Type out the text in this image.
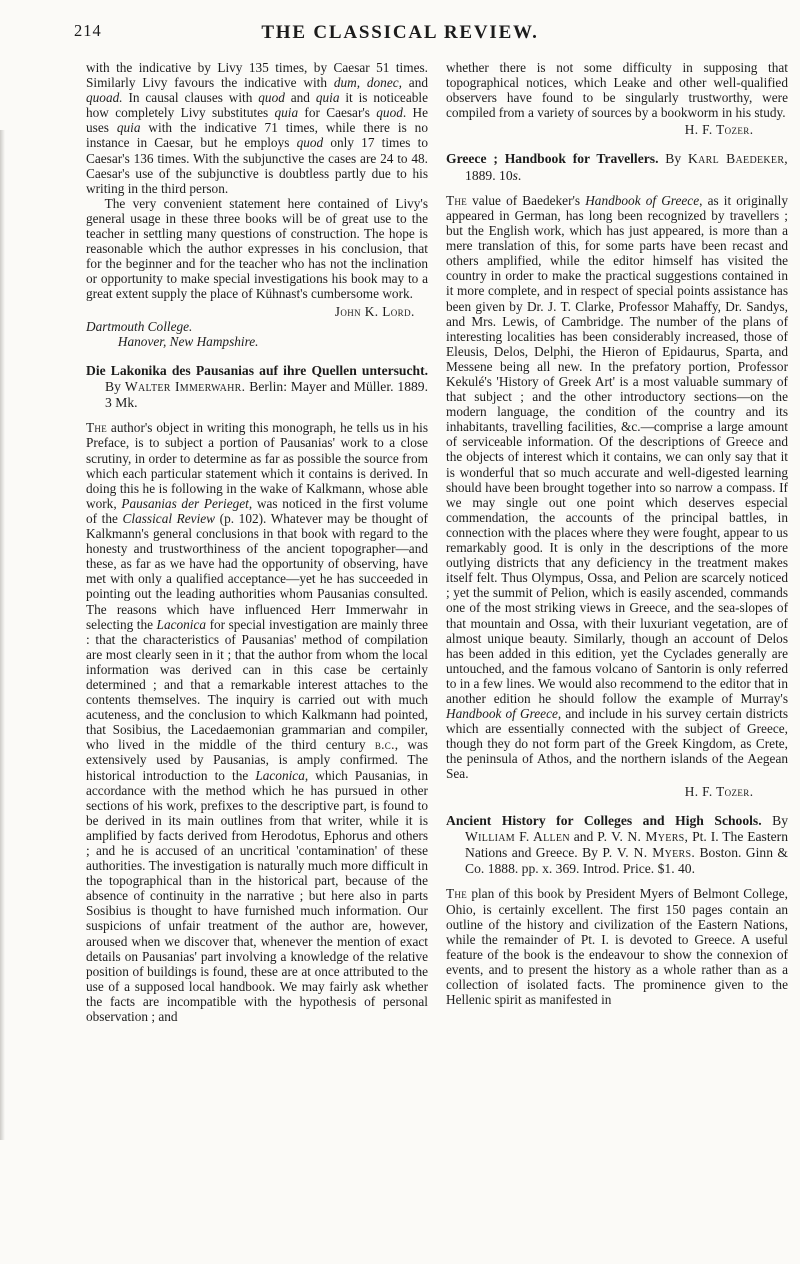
214	THE CLASSICAL REVIEW.

with the indicative by Livy 135 times, by Caesar 51 times. Similarly Livy favours the indicative with dum, donec, and quoad. In causal clauses with quod and quia it is noticeable how completely Livy substitutes quia for Caesar's quod. He uses quia with the indicative 71 times, while there is no instance in Caesar, but he employs quod only 17 times to Caesar's 136 times. With the subjunctive the cases are 24 to 48. Caesar's use of the subjunctive is doubtless partly due to his writing in the third person.

The very convenient statement here contained of Livy's general usage in these three books will be of great use to the teacher in settling many questions of construction. The hope is reasonable which the author expresses in his conclusion, that for the beginner and for the teacher who has not the inclination or opportunity to make special investigations his book may to a great extent supply the place of Kühnast's cumbersome work.

John K. Lord.
Dartmouth College.
Hanover, New Hampshire.
Die Lakonika des Pausanias auf ihre Quellen untersucht. By Walter Immerwahr. Berlin: Mayer and Müller. 1889. 3 Mk.

The author's object in writing this monograph, he tells us in his Preface, is to subject a portion of Pausanias' work to a close scrutiny, in order to determine as far as possible the source from which each particular statement which it contains is derived. In doing this he is following in the wake of Kalkmann, whose able work, Pausanias der Perieget, was noticed in the first volume of the Classical Review (p. 102). Whatever may be thought of Kalkmann's general conclusions in that book with regard to the honesty and trustworthiness of the ancient topographer—and these, as far as we have had the opportunity of observing, have met with only a qualified acceptance—yet he has succeeded in pointing out the leading authorities whom Pausanias consulted. The reasons which have influenced Herr Immerwahr in selecting the Laconica for special investigation are mainly three : that the characteristics of Pausanias' method of compilation are most clearly seen in it ; that the author from whom the local information was derived can in this case be certainly determined ; and that a remarkable interest attaches to the contents themselves. The inquiry is carried out with much acuteness, and the conclusion to which Kalkmann had pointed, that Sosibius, the Lacedaemonian grammarian and compiler, who lived in the middle of the third century b.c., was extensively used by Pausanias, is amply confirmed. The historical introduction to the Laconica, which Pausanias, in accordance with the method which he has pursued in other sections of his work, prefixes to the descriptive part, is found to be derived in its main outlines from that writer, while it is amplified by facts derived from Herodotus, Ephorus and others ; and he is accused of an uncritical 'contamination' of these authorities. The investigation is naturally much more difficult in the topographical than in the historical part, because of the absence of continuity in the narrative ; but here also in parts Sosibius is thought to have furnished much information. Our suspicions of unfair treatment of the author are, however, aroused when we discover that, whenever the mention of exact details on Pausanias' part involving a knowledge of the relative position of buildings is found, these are at once attributed to the use of a supposed local handbook. We may fairly ask whether the facts are incompatible with the hypothesis of personal observation ; and

whether there is not some difficulty in supposing that topographical notices, which Leake and other well-qualified observers have found to be singularly trustworthy, were compiled from a variety of sources by a bookworm in his study.

H. F. Tozer.
Greece ; Handbook for Travellers. By Karl Baedeker, 1889. 10s.

The value of Baedeker's Handbook of Greece, as it originally appeared in German, has long been recognized by travellers ; but the English work, which has just appeared, is more than a mere translation of this, for some parts have been recast and others amplified, while the editor himself has visited the country in order to make the practical suggestions contained in it more complete, and in respect of special points assistance has been given by Dr. J. T. Clarke, Professor Mahaffy, Dr. Sandys, and Mrs. Lewis, of Cambridge. The number of the plans of interesting localities has been considerably increased, those of Eleusis, Delos, Delphi, the Hieron of Epidaurus, Sparta, and Messene being all new. In the prefatory portion, Professor Kekulé's 'History of Greek Art' is a most valuable summary of that subject ; and the other introductory sections—on the modern language, the condition of the country and its inhabitants, travelling facilities, &c.—comprise a large amount of serviceable information. Of the descriptions of Greece and the objects of interest which it contains, we can only say that it is wonderful that so much accurate and well-digested learning should have been brought together into so narrow a compass. If we may single out one point which deserves especial commendation, the accounts of the principal battles, in connection with the places where they were fought, appear to us remarkably good. It is only in the descriptions of the more outlying districts that any deficiency in the treatment makes itself felt. Thus Olympus, Ossa, and Pelion are scarcely noticed ; yet the summit of Pelion, which is easily ascended, commands one of the most striking views in Greece, and the sea-slopes of that mountain and Ossa, with their luxuriant vegetation, are of almost unique beauty. Similarly, though an account of Delos has been added in this edition, yet the Cyclades generally are untouched, and the famous volcano of Santorin is only referred to in a few lines. We would also recommend to the editor that in another edition he should follow the example of Murray's Handbook of Greece, and include in his survey certain districts which are essentially connected with the subject of Greece, though they do not form part of the Greek Kingdom, as Crete, the peninsula of Athos, and the northern islands of the Aegean Sea.

H. F. Tozer.
Ancient History for Colleges and High Schools. By William F. Allen and P. V. N. Myers, Pt. I. The Eastern Nations and Greece. By P. V. N. Myers. Boston. Ginn & Co. 1888. pp. x. 369. Introd. Price. $1. 40.

The plan of this book by President Myers of Belmont College, Ohio, is certainly excellent. The first 150 pages contain an outline of the history and civilization of the Eastern Nations, while the remainder of Pt. I. is devoted to Greece. A useful feature of the book is the endeavour to show the connexion of events, and to present the history as a whole rather than as a collection of isolated facts. The prominence given to the Hellenic spirit as manifested in
